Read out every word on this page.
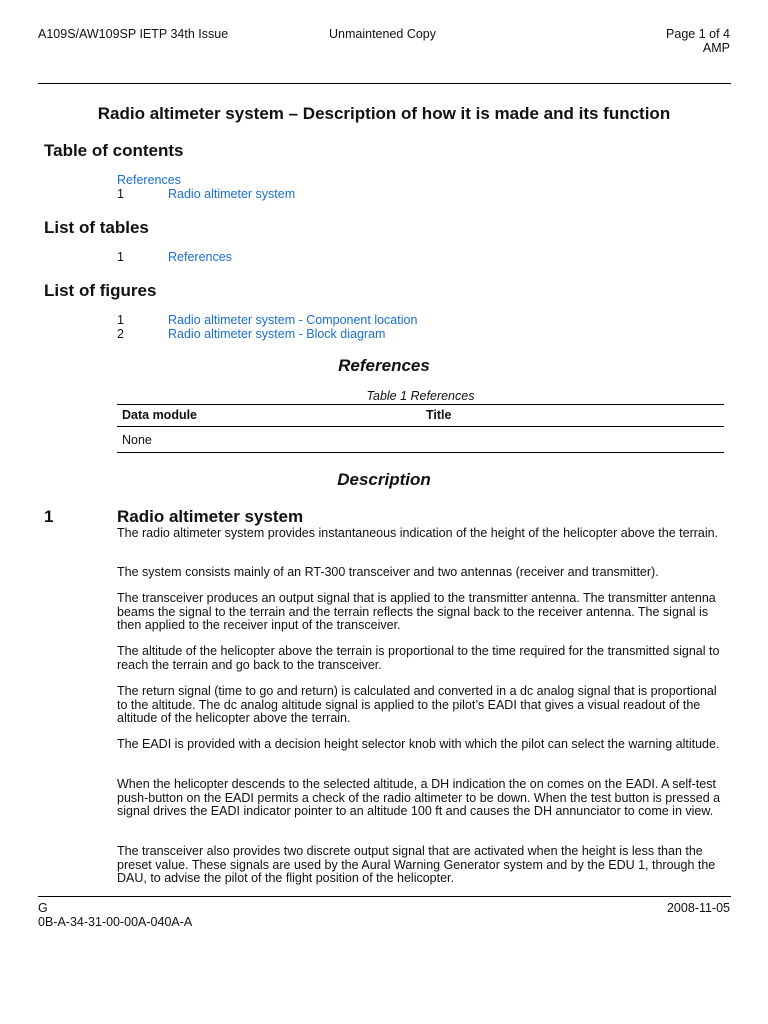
A109S/AW109SP IETP 34th Issue	Unmaintened Copy	Page 1 of 4
AMP
Radio altimeter system – Description of how it is made and its function
Table of contents
References
1	Radio altimeter system
List of tables
1	References
List of figures
1	Radio altimeter system - Component location
2	Radio altimeter system - Block diagram
References
Table 1 References
Data module	Title
None
Description
1	Radio altimeter system
The radio altimeter system provides instantaneous indication of the height of the helicopter above the terrain.
The system consists mainly of an RT-300 transceiver and two antennas (receiver and transmitter).
The transceiver produces an output signal that is applied to the transmitter antenna. The transmitter antenna beams the signal to the terrain and the terrain reflects the signal back to the receiver antenna. The signal is then applied to the receiver input of the transceiver.
The altitude of the helicopter above the terrain is proportional to the time required for the transmitted signal to reach the terrain and go back to the transceiver.
The return signal (time to go and return) is calculated and converted in a dc analog signal that is proportional to the altitude. The dc analog altitude signal is applied to the pilot’s EADI that gives a visual readout of the altitude of the helicopter above the terrain.
The EADI is provided with a decision height selector knob with which the pilot can select the warning altitude.
When the helicopter descends to the selected altitude, a DH indication the on comes on the EADI. A self-test push-button on the EADI permits a check of the radio altimeter to be down. When the test button is pressed a signal drives the EADI indicator pointer to an altitude 100 ft and causes the DH annunciator to come in view.
The transceiver also provides two discrete output signal that are activated when the height is less than the preset value. These signals are used by the Aural Warning Generator system and by the EDU 1, through the DAU, to advise the pilot of the flight position of the helicopter.
G	2008-11-05
0B-A-34-31-00-00A-040A-A
